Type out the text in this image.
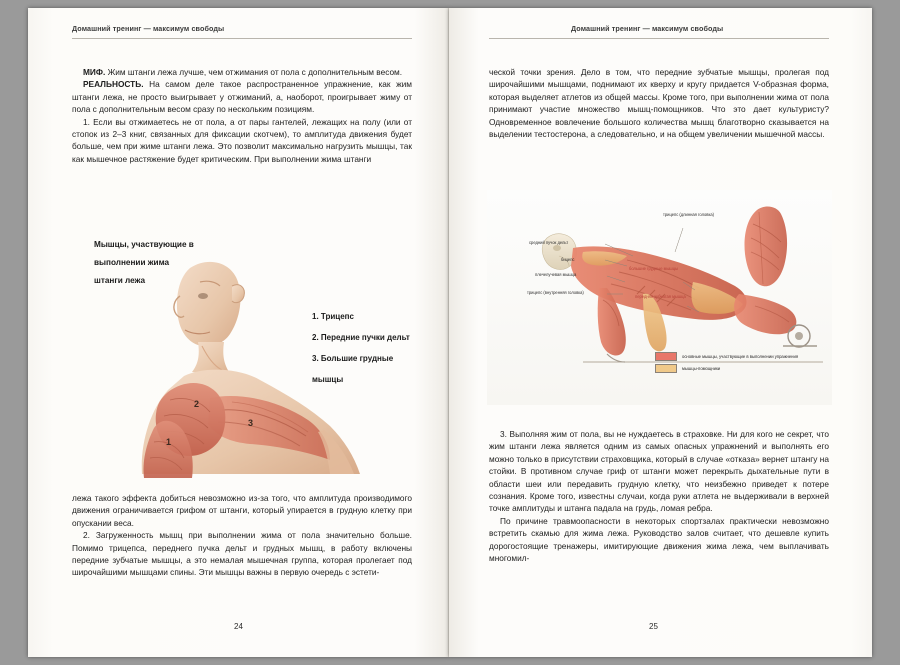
Домашний тренинг — максимум свободы

МИФ. Жим штанги лежа лучше, чем отжимания от пола с дополнительным весом.

РЕАЛЬНОСТЬ. На самом деле такое распространенное упражнение, как жим штанги лежа, не просто выигрывает у отжиманий, а, наоборот, проигрывает жиму от пола с дополнительным весом сразу по нескольким позициям.

1. Если вы отжимаетесь не от пола, а от пары гантелей, лежащих на полу (или от стопок из 2–3 книг, связанных для фиксации скотчем), то амплитуда движения будет больше, чем при жиме штанги лежа. Это позволит максимально нагрузить мышцы, так как мышечное растяжение будет критическим. При выполнении жима штанги

Мышцы, участвующие в
выполнении жима
штанги лежа
1
2
3
1. Трицепс
2. Передние пучки дельт
3. Большие грудные мышцы

лежа такого эффекта добиться невозможно из-за того, что амплитуда производимого движения ограничивается грифом от штанги, который упирается в грудную клетку при опускании веса.

2. Загруженность мышц при выполнении жима от пола значительно больше. Помимо трицепса, переднего пучка дельт и грудных мышц, в работу включены передние зубчатые мышцы, а это немалая мышечная группа, которая пролегает под широчайшими мышцами спины. Эти мышцы важны в первую очередь с эстети-

24
Домашний тренинг — максимум свободы

ческой точки зрения. Дело в том, что передние зубчатые мышцы, пролегая под широчайшими мышцами, поднимают их кверху и кругу придается V-образная форма, которая выделяет атлетов из общей массы. Кроме того, при выполнении жима от пола принимают участие множество мышц-помощников. Что это дает культуристу? Одновременное вовлечение большого количества мышц благотворно сказывается на выделении тестостерона, а следовательно, и на общем увеличении мышечной массы.

трицепс (длинная головка)
средний пучок дельт
бицепс
плечелучевая мышца
трицепс (внутренняя головка)
большие грудные мышцы
передняя зубчатая мышца
основные мышцы, участвующие в выполнении упражнения
мышцы-помощники

3. Выполняя жим от пола, вы не нуждаетесь в страховке. Ни для кого не секрет, что жим штанги лежа является одним из самых опасных упражнений и выполнять его можно только в присутствии страховщика, который в случае «отказа» вернет штангу на стойки. В противном случае гриф от штанги может перекрыть дыхательные пути в области шеи или передавить грудную клетку, что неизбежно приведет к потере сознания. Кроме того, известны случаи, когда руки атлета не выдерживали в верхней точке амплитуды и штанга падала на грудь, ломая ребра.

По причине травмоопасности в некоторых спортзалах практически невозможно встретить скамью для жима лежа. Руководство залов считает, что дешевле купить дорогостоящие тренажеры, имитирующие движения жима лежа, чем выплачивать многомил-

25
